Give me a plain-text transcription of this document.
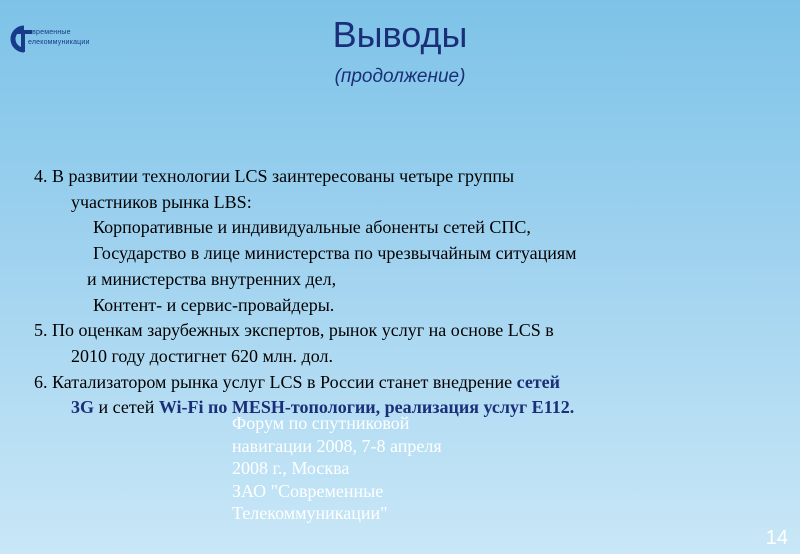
овременные
елекоммуникации
Форум по спутниковой
навигации 2008, 7-8 апреля
2008 г., Москва
ЗАО "Современные
Телекоммуникации"
Выводы
(продолжение)
4. В развитии технологии LCS заинтересованы четыре группы
участников рынка LBS:
Корпоративные и индивидуальные абоненты сетей СПС,
Государство в лице министерства по чрезвычайным ситуациям
и министерства внутренних дел,
Контент- и сервис-провайдеры.
5. По оценкам зарубежных экспертов, рынок услуг на основе LCS в
2010 году достигнет 620 млн. дол.
6. Катализатором рынка услуг LCS в России станет внедрение сетей
3G и сетей Wi-Fi по MESH-топологии, реализация услуг E112.
14
